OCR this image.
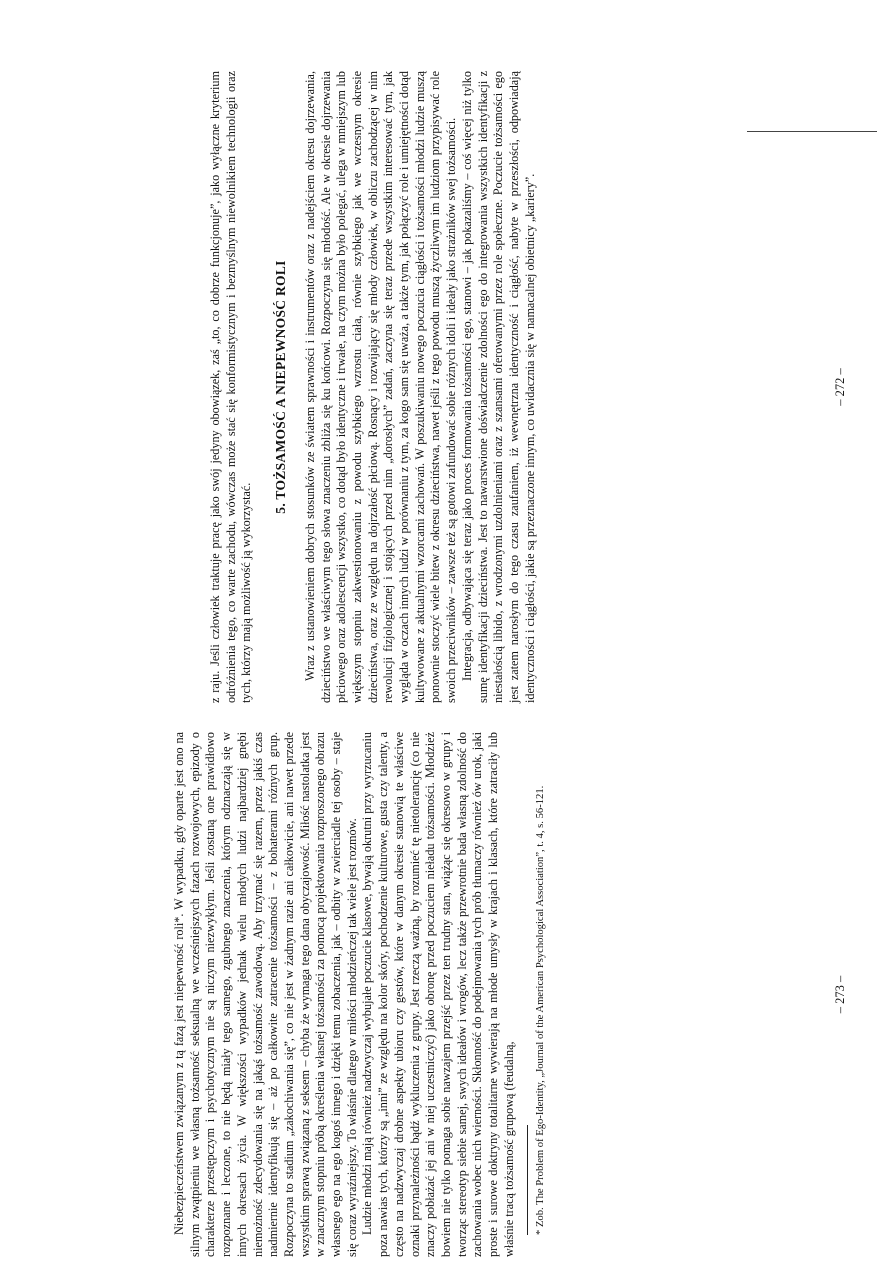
z raju. Jeśli człowiek traktuje pracę jako swój jedyny obowiązek, zaś „to, co dobrze funkcjonuje”, jako wyłączne kryterium odróżnienia tego, co warte zachodu, wówczas może stać się konformistycznym i bezmyślnym niewolnikiem technologii oraz tych, którzy mają możliwość ją wykorzystać.

5. TOŻSAMOŚĆ A NIEPEWNOŚĆ ROLI Wraz z ustanowieniem dobrych stosunków ze światem sprawności i instrumentów oraz z nadejściem okresu dojrzewania, dzieciństwo we właściwym tego słowa znaczeniu zbliża się ku końcowi. Rozpoczyna się młodość. Ale w okresie dojrzewania płciowego oraz adolescencji wszystko, co dotąd było identyczne i trwałe, na czym można było polegać, ulega w mniejszym lub większym stopniu zakwestionowaniu z powodu szybkiego wzrostu ciała, równie szybkiego jak we wczesnym okresie dzieciństwa, oraz ze względu na dojrzałość płciową. Rosnący i rozwijający się młody człowiek, w obliczu zachodzącej w nim rewolucji fizjologicznej i stojących przed nim „dorosłych” zadań, zaczyna się teraz przede wszystkim interesować tym, jak wygląda w oczach innych ludzi w porównaniu z tym, za kogo sam się uważa, a także tym, jak połączyć role i umiejętności dotąd kultywowane z aktualnymi wzorcami zachowań. W poszukiwaniu nowego poczucia ciągłości i tożsamości młodzi ludzie muszą ponownie stoczyć wiele bitew z okresu dzieciństwa, nawet jeśli z tego powodu muszą życzliwym im ludziom przypisywać role swoich przeciwników – zawsze też są gotowi zafundować sobie różnych idoli i ideały jako strażników swej tożsamości. Integracja, odbywająca się teraz jako proces formowania tożsamości ego, stanowi – jak pokazaliśmy – coś więcej niż tylko sumę identyfikacji dzieciństwa. Jest to nawarstwione doświadczenie zdolności ego do integrowania wszystkich identyfikacji z niestałością libido, z wrodzonymi uzdolnieniami oraz z szansami oferowanymi przez role społeczne. Poczucie tożsamości ego jest zatem narosłym do tego czasu zaufaniem, iż wewnętrzna identyczność i ciągłość, nabyte w przeszłości, odpowiadają identyczności i ciągłości, jakie są przeznaczone innym, co uwidacznia się w namacalnej obietnicy „kariery”.	– 272 –

Niebezpieczeństwem związanym z tą fazą jest niepewność roli*. W wypadku, gdy oparte jest ono na silnym zwątpieniu we własną tożsamość seksualną we wcześniejszych fazach rozwojowych, epizody o charakterze przestępczym i psychotycznym nie są niczym niezwykłym. Jeśli zostaną one prawidłowo rozpoznane i leczone, to nie będą miały tego samego, zgubnego znaczenia, którym odznaczają się w innych okresach życia. W większości wypadków jednak wielu młodych ludzi najbardziej gnębi niemożność zdecydowania się na jakąś tożsamość zawodową. Aby trzymać się razem, przez jakiś czas nadmiernie identyfikują się – aż po całkowite zatracenie tożsamości – z bohaterami różnych grup. Rozpoczyna to stadium „zakochiwania się”, co nie jest w żadnym razie ani całkowicie, ani nawet przede wszystkim sprawą związaną z seksem – chyba że wymaga tego dana obyczajowość. Miłość nastolatka jest w znacznym stopniu próbą określenia własnej tożsamości za pomocą projektowania rozproszonego obrazu własnego ego na ego kogoś innego i dzięki temu zobaczenia, jak – odbity w zwierciadle tej osoby – staje się coraz wyraźniejszy. To właśnie dlatego w miłości młodzieńczej tak wiele jest rozmów. Ludzie młodzi mają również nadzwyczaj wybujałe poczucie klasowe, bywają okrutni przy wyrzucaniu poza nawias tych, którzy są „inni” ze względu na kolor skóry, pochodzenie kulturowe, gusta czy talenty, a często na nadzwyczaj drobne aspekty ubioru czy gestów, które w danym okresie stanowią te właściwe oznaki przynależności bądź wykluczenia z grupy. Jest rzeczą ważną, by rozumieć tę nietolerancję (co nie znaczy pobłażać jej ani w niej uczestniczyć) jako obronę przed poczuciem nieładu tożsamości. Młodzież bowiem nie tylko pomaga sobie nawzajem przejść przez ten trudny stan, wiążąc się okresowo w grupy i tworząc stereotyp siebie samej, swych ideałów i wrogów, lecz także przewrotnie bada własną zdolność do zachowania wobec nich wierności. Skłonność do podejmowania tych prób tłumaczy również ów urok, jaki proste i surowe doktryny totalitarne wywierają na młode umysły w krajach i klasach, które zatraciły lub właśnie tracą tożsamość grupową (feudalną, * Zob. The Problem of Ego-Identity, „Journal of the American Psychological Association”, t. 4, s. 56-121.	– 273 –
